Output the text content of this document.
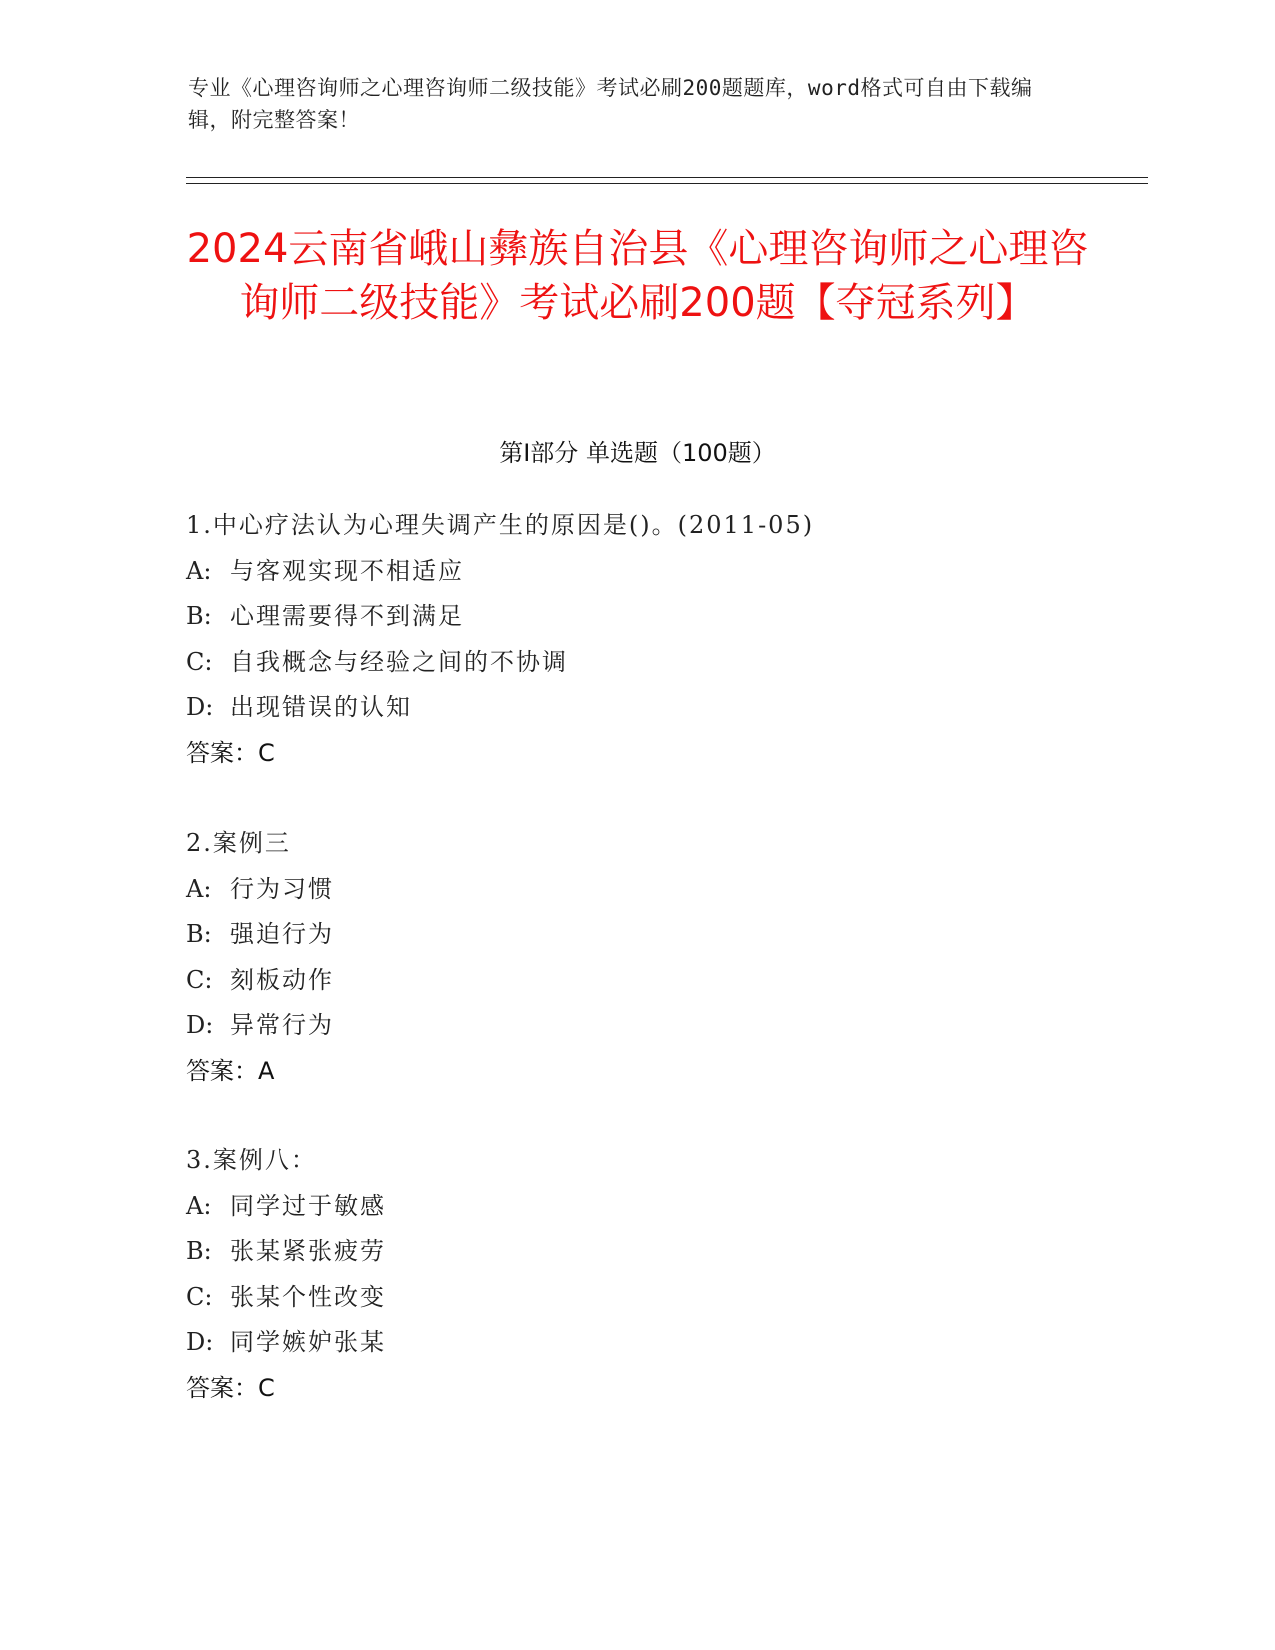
专业《心理咨询师之心理咨询师二级技能》考试必刷200题题库，word格式可自由下载编辑，附完整答案！
2024云南省峨山彝族自治县《心理咨询师之心理咨询师二级技能》考试必刷200题【夺冠系列】
第Ⅰ部分 单选题（100题）
1.中心疗法认为心理失调产生的原因是()。(2011-05)
A: 与客观实现不相适应
B: 心理需要得不到满足
C: 自我概念与经验之间的不协调
D: 出现错误的认知
答案：C
2.案例三
A: 行为习惯
B: 强迫行为
C: 刻板动作
D: 异常行为
答案：A
3.案例八：
A: 同学过于敏感
B: 张某紧张疲劳
C: 张某个性改变
D: 同学嫉妒张某
答案：C
